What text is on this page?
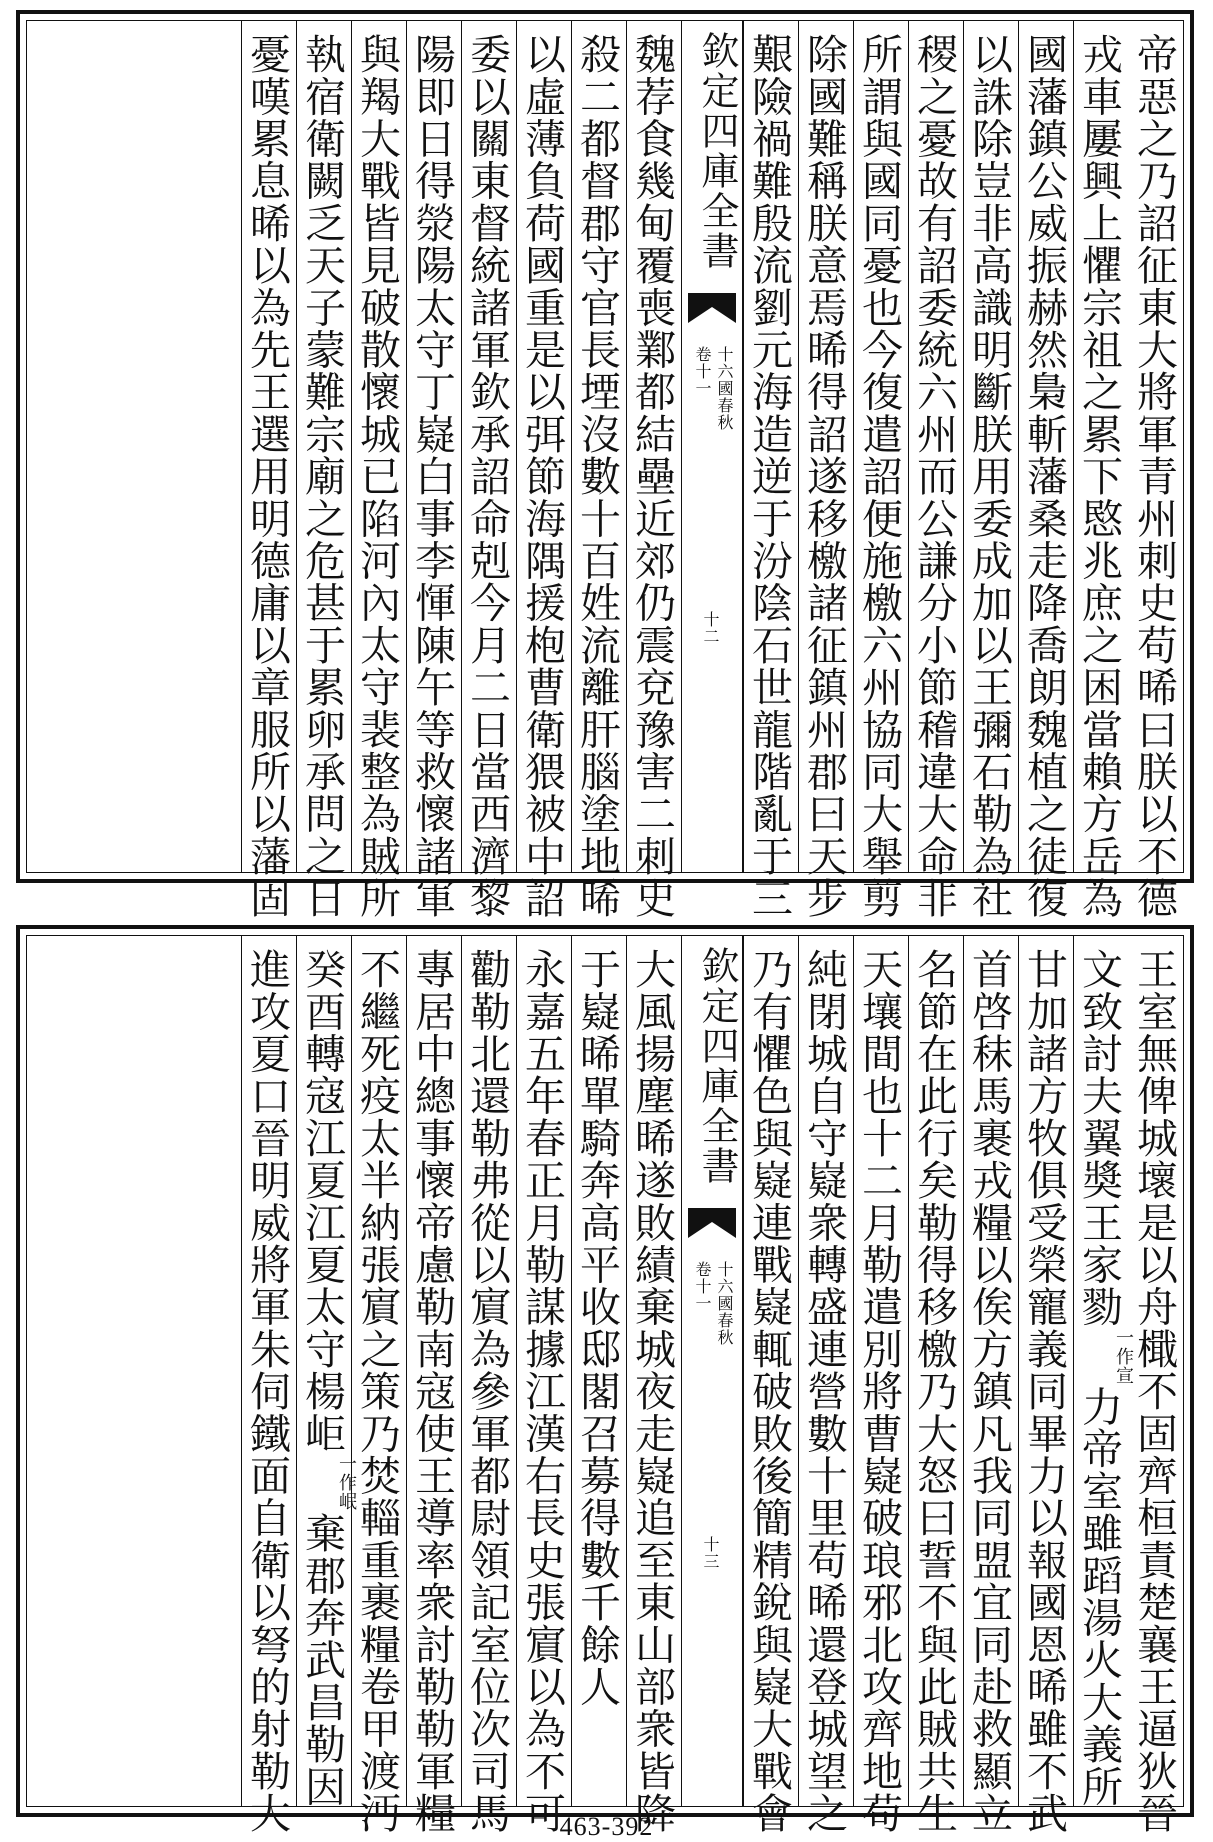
帝惡之乃詔征東大將軍青州刺史苟晞曰朕以不德
戎車屢興上懼宗祖之累下愍兆庶之困當賴方岳為
國藩鎮公威振赫然梟斬藩桑走降喬朗魏植之徒復
以誅除豈非高識明斷朕用委成加以王彌石勒為社
稷之憂故有詔委統六州而公謙分小節稽違大命非
所謂與國同憂也今復遣詔便施檄六州協同大舉剪
除國難稱朕意焉晞得詔遂移檄諸征鎮州郡曰天步
艱險禍難殷流劉元海造逆于汾陰石世龍階亂于三
欽定四庫全書
十六國春秋
卷十一
十二
魏荐食幾甸覆喪鄴都結壘近郊仍震兗豫害二刺史
殺二都督郡守官長堙沒數十百姓流離肝腦塗地晞
以虛薄負荷國重是以弭節海隅援枹曹衛猥被中詔
委以關東督統諸軍欽承詔命剋今月二日當西濟黎
陽即日得滎陽太守丁嶷白事李惲陳午等救懷諸軍
與羯大戰皆見破散懷城已陷河內太守裴整為賊所
執宿衛闕乏天子蒙難宗廟之危甚于累卵承問之日
憂嘆累息晞以為先王選用明德庸以章服所以藩固
王室無俾城壞是以舟檝不固齊桓責楚襄王逼狄晉
文致討夫翼奬王家勠一作宣力帝室雖蹈湯火大義所
甘加諸方牧俱受榮寵義同畢力以報國恩晞雖不武
首啓秣馬裹戎糧以俟方鎮凡我同盟宜同赴救顯立
名節在此行矣勒得移檄乃大怒曰誓不與此賊共生
天壤間也十二月勒遣別將曹嶷破琅邪北攻齊地苟
純閉城自守嶷衆轉盛連營數十里苟晞還登城望之
乃有懼色與嶷連戰嶷輒破敗後簡精銳與嶷大戰會
欽定四庫全書
十六國春秋
卷十一
十三
大風揚塵晞遂敗績棄城夜走嶷追至東山部衆皆降
于嶷晞單騎奔高平收邸閣召募得數千餘人
永嘉五年春正月勒謀據江漢右長史張賔以為不可
勸勒北還勒弗從以賔為參軍都尉領記室位次司馬
專居中總事懷帝慮勒南寇使王導率衆討勒勒軍糧
不繼死疫太半納張賔之策乃焚輜重裹糧卷甲渡沔
癸酉轉寇江夏江夏太守楊岠一作岷棄郡奔武昌勒因
進攻夏口晉明威將軍朱伺鐵面自衛以弩的射勒大	463-392
